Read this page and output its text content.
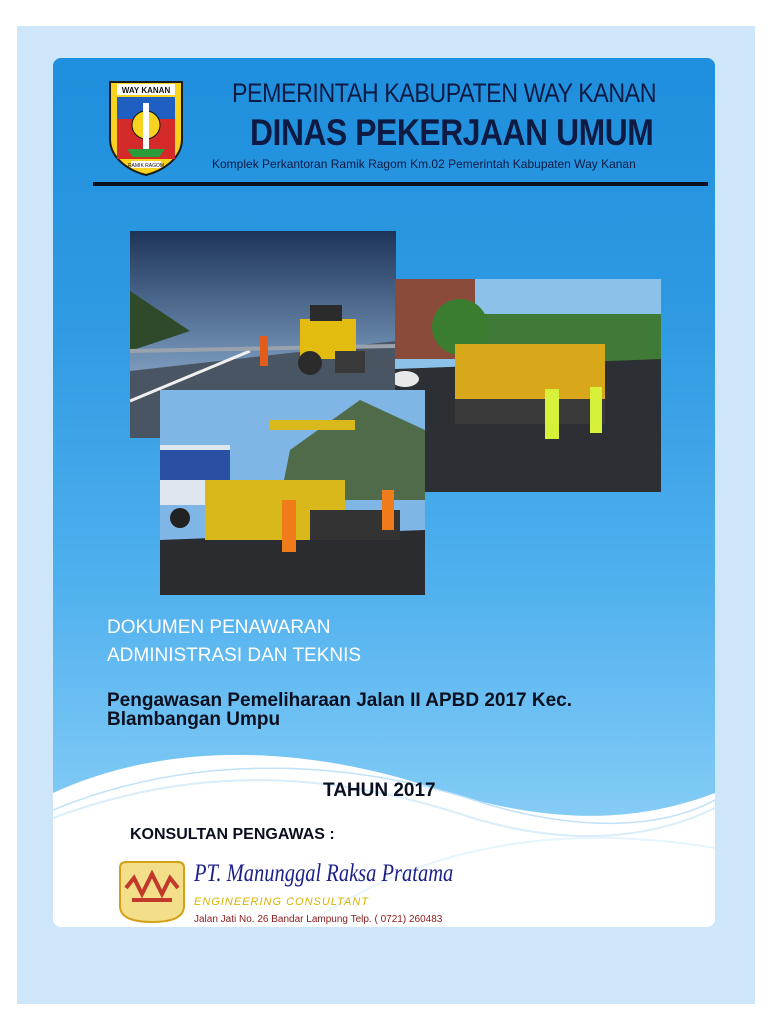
WAY KANAN
RAMIK RAGOM
PEMERINTAH KABUPATEN WAY KANAN
DINAS PEKERJAAN UMUM
Komplek Perkantoran Ramik Ragom Km.02 Pemerintah Kabupaten Way Kanan
DOKUMEN PENAWARAN
ADMINISTRASI DAN TEKNIS
Pengawasan Pemeliharaan Jalan II APBD 2017 Kec. Blambangan Umpu
TAHUN 2017
KONSULTAN PENGAWAS :
PT. Manunggal Raksa Pratama
ENGINEERING CONSULTANT
Jalan Jati No. 26 Bandar Lampung Telp. ( 0721) 260483
